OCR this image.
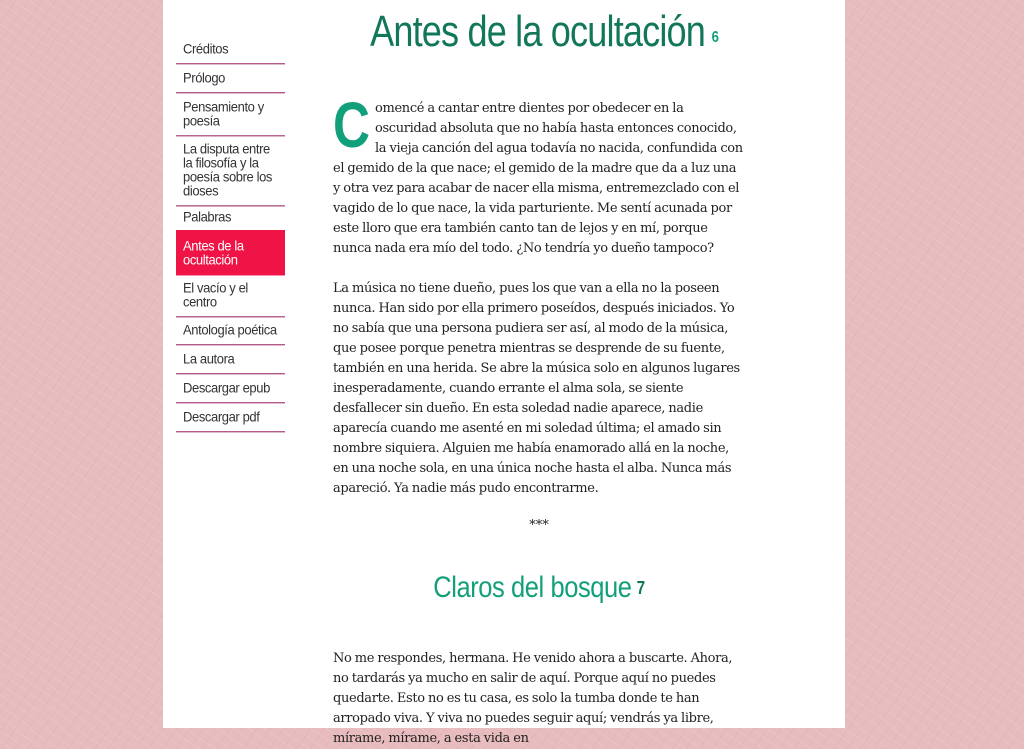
Créditos
Prólogo
Pensamiento y poesía
La disputa entre la filosofía y la poesía sobre los dioses
Palabras
Antes de la ocultación
El vacío y el centro
Antología poética
La autora
Descargar epub
Descargar pdf
Antes de la ocultación $^6$

Comencé a cantar entre dientes por obedecer en la oscuridad absoluta que no había hasta entonces conocido, la vieja canción del agua todavía no nacida, confundida con el gemido de la que nace; el gemido de la madre que da a luz una y otra vez para acabar de nacer ella misma, entremezclado con el vagido de lo que nace, la vida parturiente. Me sentí acunada por este lloro que era también canto tan de lejos y en mí, porque nunca nada era mío del todo. ¿No tendría yo dueño tampoco?

La música no tiene dueño, pues los que van a ella no la poseen nunca. Han sido por ella primero poseídos, después iniciados. Yo no sabía que una persona pudiera ser así, al modo de la música, que posee porque penetra mientras se desprende de su fuente, también en una herida. Se abre la música solo en algunos lugares inesperadamente, cuando errante el alma sola, se siente desfallecer sin dueño. En esta soledad nadie aparece, nadie aparecía cuando me asenté en mi soledad última; el amado sin nombre siquiera. Alguien me había enamorado allá en la noche, en una noche sola, en una única noche hasta el alba. Nunca más apareció. Ya nadie más pudo encontrarme.

***
Claros del bosque $^7$

No me respondes, hermana. He venido ahora a buscarte. Ahora, no tardarás ya mucho en salir de aquí. Porque aquí no puedes quedarte. Esto no es tu casa, es solo la tumba donde te han arropado viva. Y viva no puedes seguir aquí; vendrás ya libre, mírame, mírame, a esta vida en
